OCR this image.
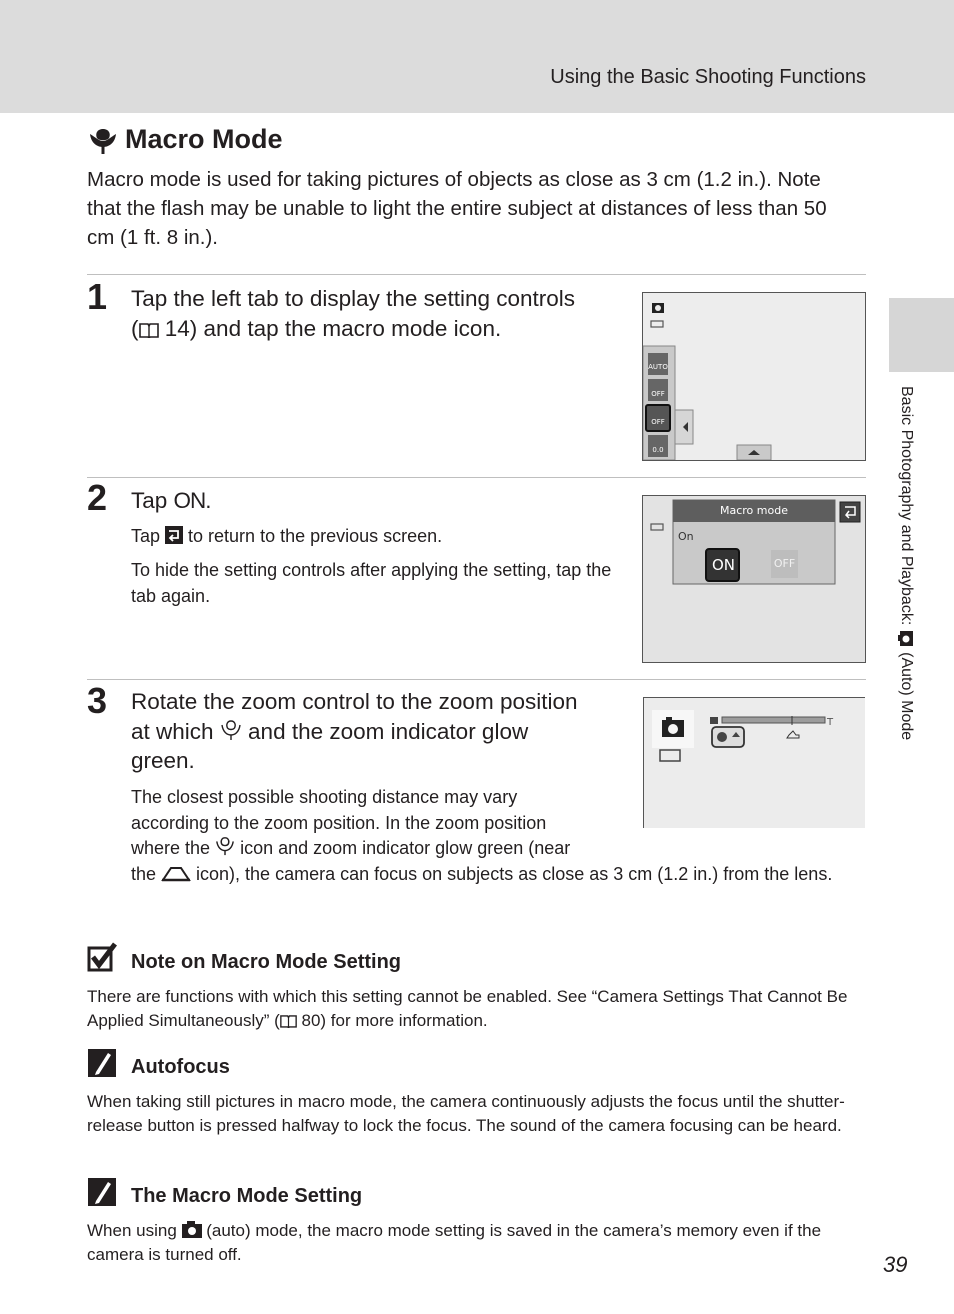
Using the Basic Shooting Functions
Basic Photography and Playback:  (Auto) Mode
Macro Mode

Macro mode is used for taking pictures of objects as close as 3 cm (1.2 in.). Note that the flash may be unable to light the entire subject at distances of less than 50 cm (1 ft. 8 in.).

1 Tap the left tab to display the setting controls
( 14) and tap the macro mode icon.

AUTO
OFF
OFF
0.0
2 Tap ON.

Tap  to return to the previous screen.

To hide the setting controls after applying the setting, tap the tab again.

Macro mode
On
ON	OFF
3 Rotate the zoom control to the zoom position
at which  and the zoom indicator glow
green.

The closest possible shooting distance may vary
according to the zoom position. In the zoom position
where the  icon and zoom indicator glow green (near
the  icon), the camera can focus on subjects as close as 3 cm (1.2 in.) from the lens.

T
Note on Macro Mode Setting

There are functions with which this setting cannot be enabled. See “Camera Settings That Cannot Be
Applied Simultaneously” ( 80) for more information.

Autofocus

When taking still pictures in macro mode, the camera continuously adjusts the focus until the shutter-release button is pressed halfway to lock the focus. The sound of the camera focusing can be heard.

The Macro Mode Setting

When using  (auto) mode, the macro mode setting is saved in the camera’s memory even if the camera is turned off.	39
